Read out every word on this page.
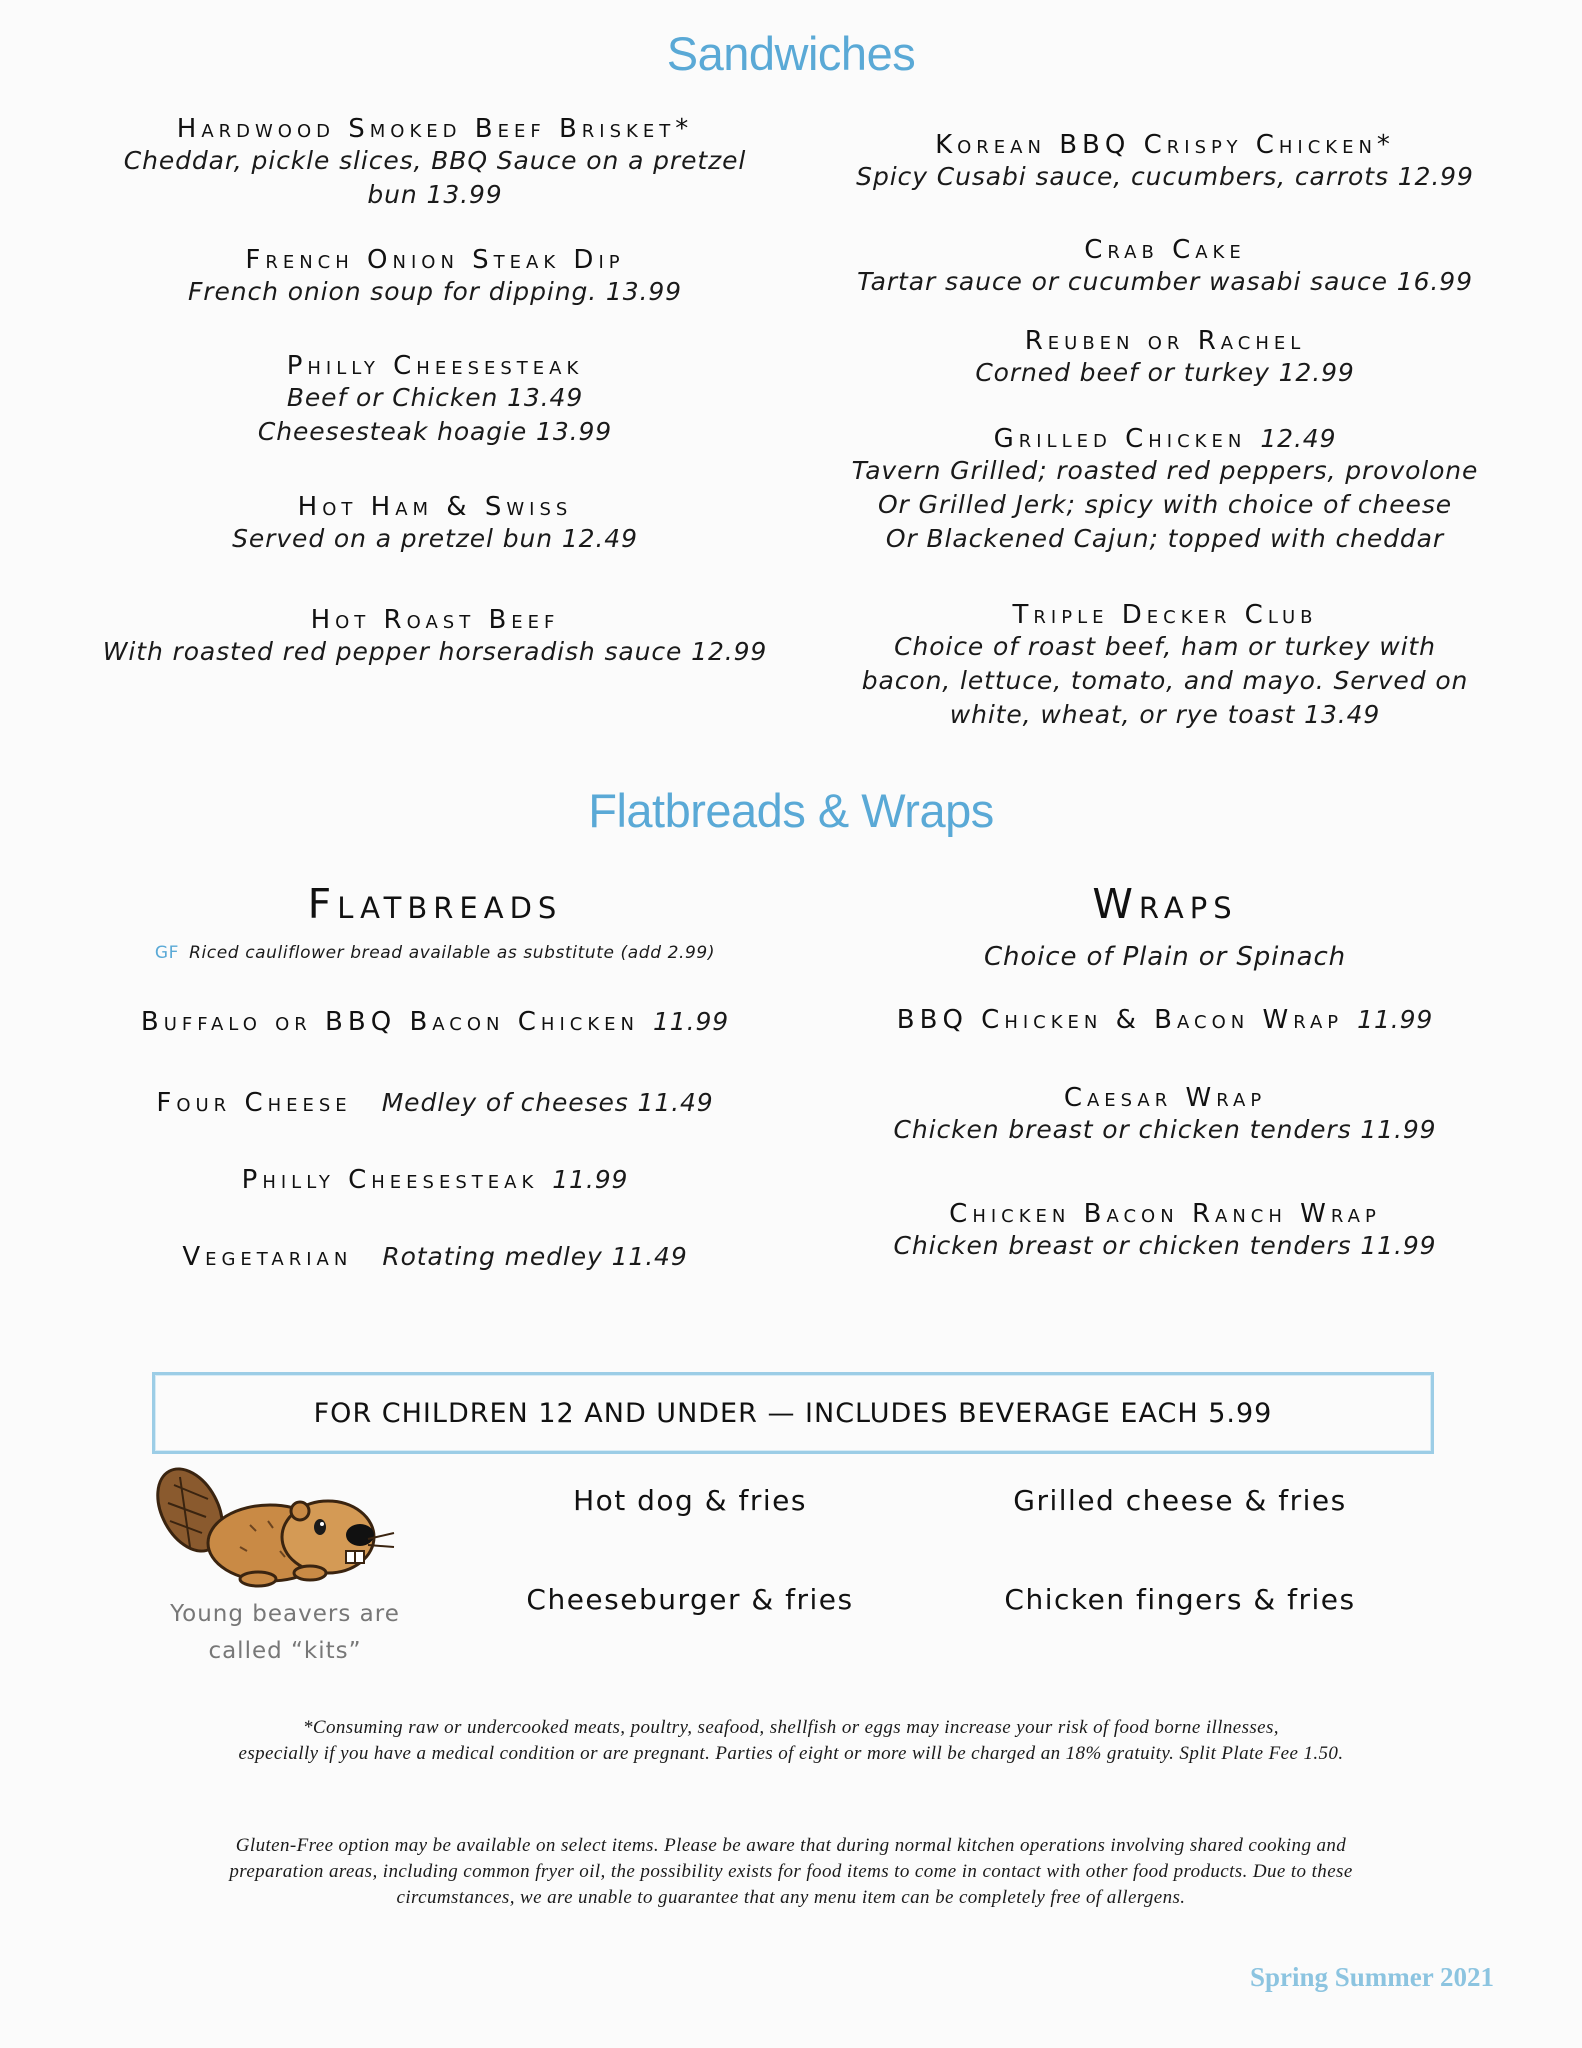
Sandwiches
Hardwood Smoked Beef Brisket*
Cheddar, pickle slices, BBQ Sauce on a pretzel
bun 13.99
French Onion Steak Dip
French onion soup for dipping. 13.99
Philly Cheesesteak
Beef or Chicken 13.49
Cheesesteak hoagie 13.99
Hot Ham & Swiss
Served on a pretzel bun 12.49
Hot Roast Beef
With roasted red pepper horseradish sauce 12.99
Korean BBQ Crispy Chicken*
Spicy Cusabi sauce, cucumbers, carrots 12.99
Crab Cake
Tartar sauce or cucumber wasabi sauce 16.99
Reuben or Rachel
Corned beef or turkey 12.99
Grilled Chicken 12.49
Tavern Grilled; roasted red peppers, provolone
Or Grilled Jerk; spicy with choice of cheese
Or Blackened Cajun; topped with cheddar
Triple Decker Club
Choice of roast beef, ham or turkey with
bacon, lettuce, tomato, and mayo. Served on
white, wheat, or rye toast 13.49
Flatbreads & Wraps
Flatbreads
GF Riced cauliflower bread available as substitute (add 2.99)
Buffalo or BBQ Bacon Chicken 11.99
Four Cheese Medley of cheeses 11.49
Philly Cheesesteak 11.99
Vegetarian Rotating medley 11.49
Wraps
Choice of Plain or Spinach
BBQ Chicken & Bacon Wrap 11.99
Caesar Wrap
Chicken breast or chicken tenders 11.99
Chicken Bacon Ranch Wrap
Chicken breast or chicken tenders 11.99
FOR CHILDREN 12 AND UNDER — INCLUDES BEVERAGE EACH 5.99
Young beavers are
called “kits”
Hot dog & fries	Grilled cheese & fries
Cheeseburger & fries	Chicken fingers & fries
*Consuming raw or undercooked meats, poultry, seafood, shellfish or eggs may increase your risk of food borne illnesses,
especially if you have a medical condition or are pregnant. Parties of eight or more will be charged an 18% gratuity. Split Plate Fee 1.50.
Gluten-Free option may be available on select items. Please be aware that during normal kitchen operations involving shared cooking and
preparation areas, including common fryer oil, the possibility exists for food items to come in contact with other food products. Due to these
circumstances, we are unable to guarantee that any menu item can be completely free of allergens.
Spring Summer 2021
